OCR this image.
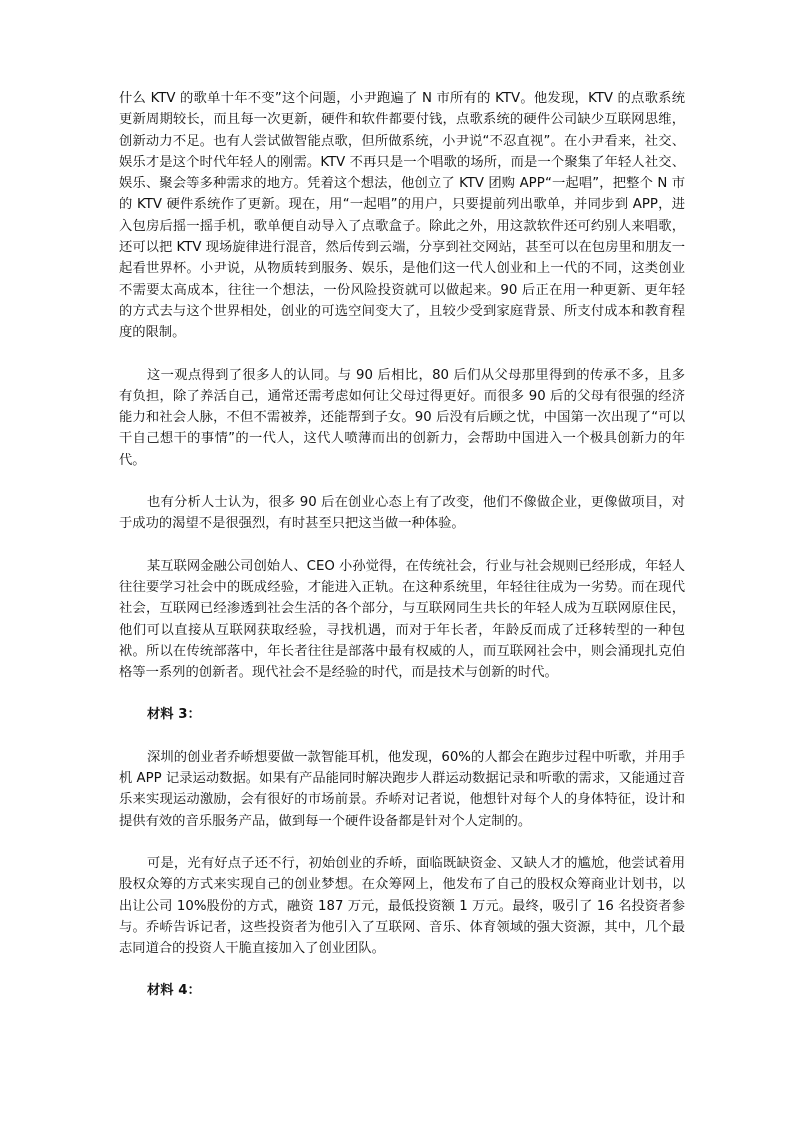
什么 KTV 的歌单十年不变”这个问题，小尹跑遍了 N 市所有的 KTV。他发现，KTV 的点歌系统更新周期较长，而且每一次更新，硬件和软件都要付钱，点歌系统的硬件公司缺少互联网思维，创新动力不足。也有人尝试做智能点歌，但所做系统，小尹说“不忍直视”。在小尹看来，社交、娱乐才是这个时代年轻人的刚需。KTV 不再只是一个唱歌的场所，而是一个聚集了年轻人社交、娱乐、聚会等多种需求的地方。凭着这个想法，他创立了 KTV 团购 APP“一起唱”，把整个 N 市的 KTV 硬件系统作了更新。现在，用“一起唱”的用户，只要提前列出歌单，并同步到 APP，进入包房后摇一摇手机，歌单便自动导入了点歌盒子。除此之外，用这款软件还可约别人来唱歌，还可以把 KTV 现场旋律进行混音，然后传到云端，分享到社交网站，甚至可以在包房里和朋友一起看世界杯。小尹说，从物质转到服务、娱乐，是他们这一代人创业和上一代的不同，这类创业不需要太高成本，往往一个想法，一份风险投资就可以做起来。90 后正在用一种更新、更年轻的方式去与这个世界相处，创业的可选空间变大了，且较少受到家庭背景、所支付成本和教育程度的限制。

这一观点得到了很多人的认同。与 90 后相比，80 后们从父母那里得到的传承不多，且多有负担，除了养活自己，通常还需考虑如何让父母过得更好。而很多 90 后的父母有很强的经济能力和社会人脉，不但不需被养，还能帮到子女。90 后没有后顾之忧，中国第一次出现了“可以干自己想干的事情”的一代人，这代人喷薄而出的创新力，会帮助中国进入一个极具创新力的年代。

也有分析人士认为，很多 90 后在创业心态上有了改变，他们不像做企业，更像做项目，对于成功的渴望不是很强烈，有时甚至只把这当做一种体验。

某互联网金融公司创始人、CEO 小孙觉得，在传统社会，行业与社会规则已经形成，年轻人往往要学习社会中的既成经验，才能进入正轨。在这种系统里，年轻往往成为一劣势。而在现代社会，互联网已经渗透到社会生活的各个部分，与互联网同生共长的年轻人成为互联网原住民，他们可以直接从互联网获取经验，寻找机遇，而对于年长者，年龄反而成了迁移转型的一种包袱。所以在传统部落中，年长者往往是部落中最有权威的人，而互联网社会中，则会涌现扎克伯格等一系列的创新者。现代社会不是经验的时代，而是技术与创新的时代。

材料 3：

深圳的创业者乔峤想要做一款智能耳机，他发现，60%的人都会在跑步过程中听歌，并用手机 APP 记录运动数据。如果有产品能同时解决跑步人群运动数据记录和听歌的需求，又能通过音乐来实现运动激励，会有很好的市场前景。乔峤对记者说，他想针对每个人的身体特征，设计和提供有效的音乐服务产品，做到每一个硬件设备都是针对个人定制的。

可是，光有好点子还不行，初始创业的乔峤，面临既缺资金、又缺人才的尴尬，他尝试着用股权众筹的方式来实现自己的创业梦想。在众筹网上，他发布了自己的股权众筹商业计划书，以出让公司 10%股份的方式，融资 187 万元，最低投资额 1 万元。最终，吸引了 16 名投资者参与。乔峤告诉记者，这些投资者为他引入了互联网、音乐、体育领域的强大资源，其中，几个最志同道合的投资人干脆直接加入了创业团队。

材料 4：
